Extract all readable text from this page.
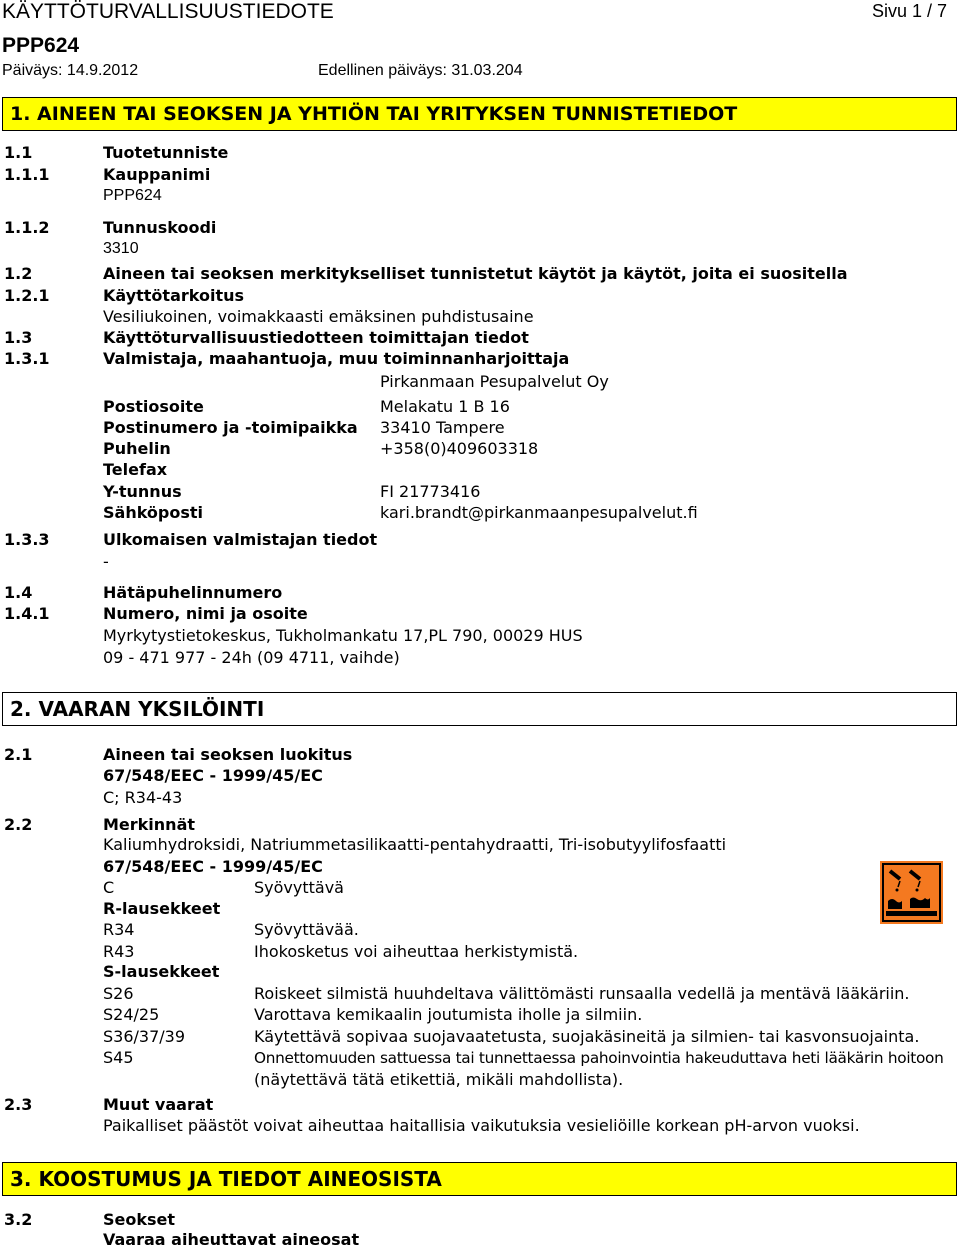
KÄYTTÖTURVALLISUUSTIEDOTE	Sivu 1 / 7
PPP624
Päiväys: 14.9.2012	Edellinen päiväys: 31.03.204
1. AINEEN TAI SEOKSEN JA YHTIÖN TAI YRITYKSEN TUNNISTETIEDOT
1.1	Tuotetunniste
1.1.1	Kauppanimi
PPP624
1.1.2	Tunnuskoodi
3310
1.2	Aineen tai seoksen merkitykselliset tunnistetut käytöt ja käytöt, joita ei suositella
1.2.1	Käyttötarkoitus
Vesiliukoinen, voimakkaasti emäksinen puhdistusaine
1.3	Käyttöturvallisuustiedotteen toimittajan tiedot
1.3.1	Valmistaja, maahantuoja, muu toiminnanharjoittaja
Pirkanmaan Pesupalvelut Oy
Postiosoite	Melakatu 1 B 16
Postinumero ja -toimipaikka 33410 Tampere
Puhelin	+358(0)409603318
Telefax
Y-tunnus	FI 21773416
Sähköposti	kari.brandt@pirkanmaanpesupalvelut.fi
1.3.3	Ulkomaisen valmistajan tiedot
-
1.4	Hätäpuhelinnumero
1.4.1	Numero, nimi ja osoite
Myrkytystietokeskus, Tukholmankatu 17,PL 790, 00029 HUS
09 - 471 977 - 24h (09 4711, vaihde)
2. VAARAN YKSILÖINTI
2.1	Aineen tai seoksen luokitus
67/548/EEC - 1999/45/EC
C; R34-43
2.2	Merkinnät
Kaliumhydroksidi, Natriummetasilikaatti-pentahydraatti, Tri-isobutyylifosfaatti
67/548/EEC - 1999/45/EC
C	Syövyttävä
R-lausekkeet
R34	Syövyttävää.
R43	Ihokosketus voi aiheuttaa herkistymistä.
S-lausekkeet
S26	Roiskeet silmistä huuhdeltava välittömästi runsaalla vedellä ja mentävä lääkäriin.
S24/25	Varottava kemikaalin joutumista iholle ja silmiin.
S36/37/39	Käytettävä sopivaa suojavaatetusta, suojakäsineitä ja silmien- tai kasvonsuojainta.
S45	Onnettomuuden sattuessa tai tunnettaessa pahoinvointia hakeuduttava heti lääkärin hoitoon
(näytettävä tätä etikettiä, mikäli mahdollista).
2.3	Muut vaarat
Paikalliset päästöt voivat aiheuttaa haitallisia vaikutuksia vesieliöille korkean pH-arvon vuoksi.
3. KOOSTUMUS JA TIEDOT AINEOSISTA
3.2	Seokset
Vaaraa aiheuttavat aineosat
